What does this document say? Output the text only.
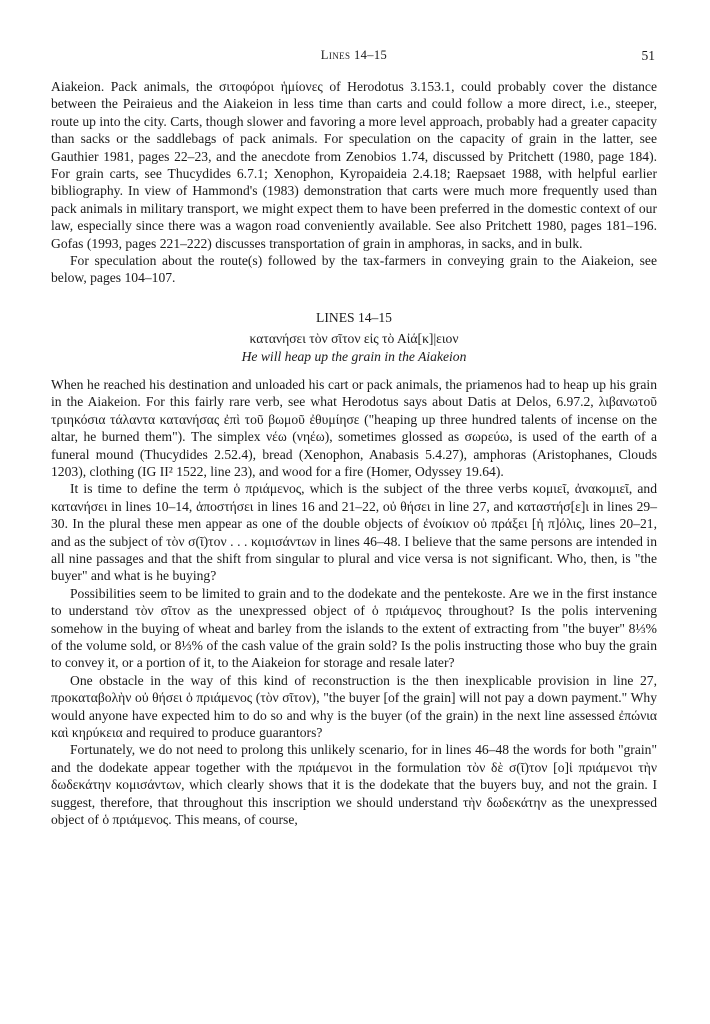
Lines 14–15	51

Aiakeion. Pack animals, the σιτοφόροι ἡμίονες of Herodotus 3.153.1, could probably cover the distance between the Peiraieus and the Aiakeion in less time than carts and could follow a more direct, i.e., steeper, route up into the city. Carts, though slower and favoring a more level approach, probably had a greater capacity than sacks or the saddlebags of pack animals. For speculation on the capacity of grain in the latter, see Gauthier 1981, pages 22–23, and the anecdote from Zenobios 1.74, discussed by Pritchett (1980, page 184). For grain carts, see Thucydides 6.7.1; Xenophon, Kyropaideia 2.4.18; Raepsaet 1988, with helpful earlier bibliography. In view of Hammond's (1983) demonstration that carts were much more frequently used than pack animals in military transport, we might expect them to have been preferred in the domestic context of our law, especially since there was a wagon road conveniently available. See also Pritchett 1980, pages 181–196. Gofas (1993, pages 221–222) discusses transportation of grain in amphoras, in sacks, and in bulk.

For speculation about the route(s) followed by the tax-farmers in conveying grain to the Aiakeion, see below, pages 104–107.

LINES 14–15
κατανήσει τὸν σῖτον εἰς τὸ Αἰά[κ]|ειον
He will heap up the grain in the Aiakeion

When he reached his destination and unloaded his cart or pack animals, the priamenos had to heap up his grain in the Aiakeion. For this fairly rare verb, see what Herodotus says about Datis at Delos, 6.97.2, λιβανωτοῦ τριηκόσια τάλαντα κατανήσας ἐπὶ τοῦ βωμοῦ ἐθυμίησε ("heaping up three hundred talents of incense on the altar, he burned them"). The simplex νέω (νηέω), sometimes glossed as σωρεύω, is used of the earth of a funeral mound (Thucydides 2.52.4), bread (Xenophon, Anabasis 5.4.27), amphoras (Aristophanes, Clouds 1203), clothing (IG II² 1522, line 23), and wood for a fire (Homer, Odyssey 19.64).

It is time to define the term ὁ πριάμενος, which is the subject of the three verbs κομιεῖ, ἀνακομιεῖ, and κατανήσει in lines 10–14, ἀποστήσει in lines 16 and 21–22, οὐ θήσει in line 27, and καταστήσ[ε]ι in lines 29–30. In the plural these men appear as one of the double objects of ἐνοίκιον οὐ πράξει [ἡ π]όλις, lines 20–21, and as the subject of τὸν σ(ῖ)τον . . . κομισάντων in lines 46–48. I believe that the same persons are intended in all nine passages and that the shift from singular to plural and vice versa is not significant. Who, then, is "the buyer" and what is he buying?

Possibilities seem to be limited to grain and to the dodekate and the pentekoste. Are we in the first instance to understand τὸν σῖτον as the unexpressed object of ὁ πριάμενος throughout? Is the polis intervening somehow in the buying of wheat and barley from the islands to the extent of extracting from "the buyer" 8⅓% of the volume sold, or 8⅓% of the cash value of the grain sold? Is the polis instructing those who buy the grain to convey it, or a portion of it, to the Aiakeion for storage and resale later?

One obstacle in the way of this kind of reconstruction is the then inexplicable provision in line 27, προκαταβολὴν οὐ θήσει ὁ πριάμενος (τὸν σῖτον), "the buyer [of the grain] will not pay a down payment." Why would anyone have expected him to do so and why is the buyer (of the grain) in the next line assessed ἐπώνια καὶ κηρύκεια and required to produce guarantors?

Fortunately, we do not need to prolong this unlikely scenario, for in lines 46–48 the words for both "grain" and the dodekate appear together with the πριάμενοι in the formulation τὸν δὲ σ(ῖ)τον [ο]ἱ πριάμενοι τὴν δωδεκάτην κομισάντων, which clearly shows that it is the dodekate that the buyers buy, and not the grain. I suggest, therefore, that throughout this inscription we should understand τὴν δωδεκάτην as the unexpressed object of ὁ πριάμενος. This means, of course,
